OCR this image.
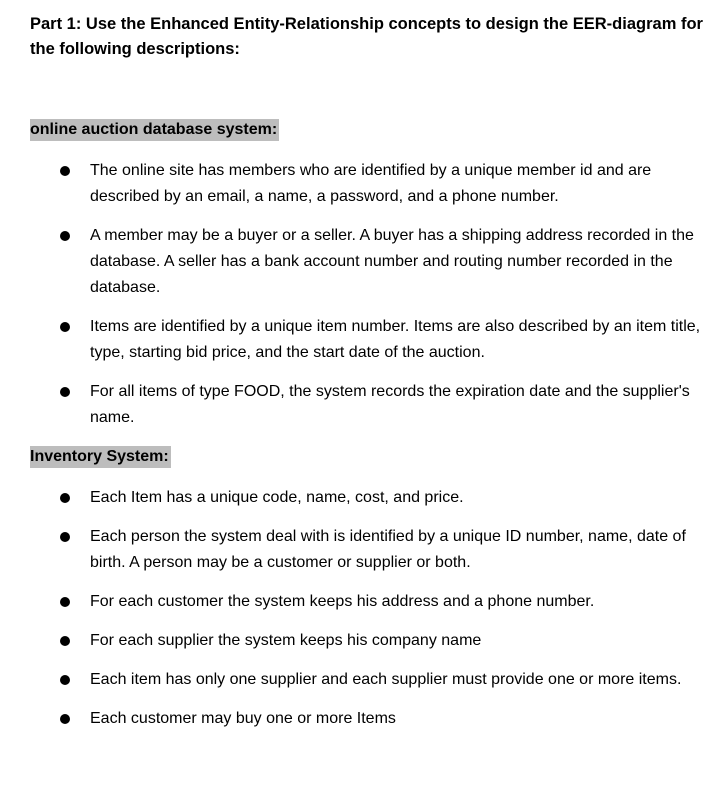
Part 1: Use the Enhanced Entity-Relationship concepts to design the EER-diagram for the following descriptions:
online auction database system:
The online site has members who are identified by a unique member id and are described by an email, a name, a password, and a phone number.
A member may be a buyer or a seller. A buyer has a shipping address recorded in the database. A seller has a bank account number and routing number recorded in the database.
Items are identified by a unique item number. Items are also described by an item title, type, starting bid price, and the start date of the auction.
For all items of type FOOD, the system records the expiration date and the supplier's name.
Inventory System:
Each Item has a unique code, name, cost, and price.
Each person the system deal with is identified by a unique ID number, name, date of birth. A person may be a customer or supplier or both.
For each customer the system keeps his address and a phone number.
For each supplier the system keeps his company name
Each item has only one supplier and each supplier must provide one or more items.
Each customer may buy one or more Items
